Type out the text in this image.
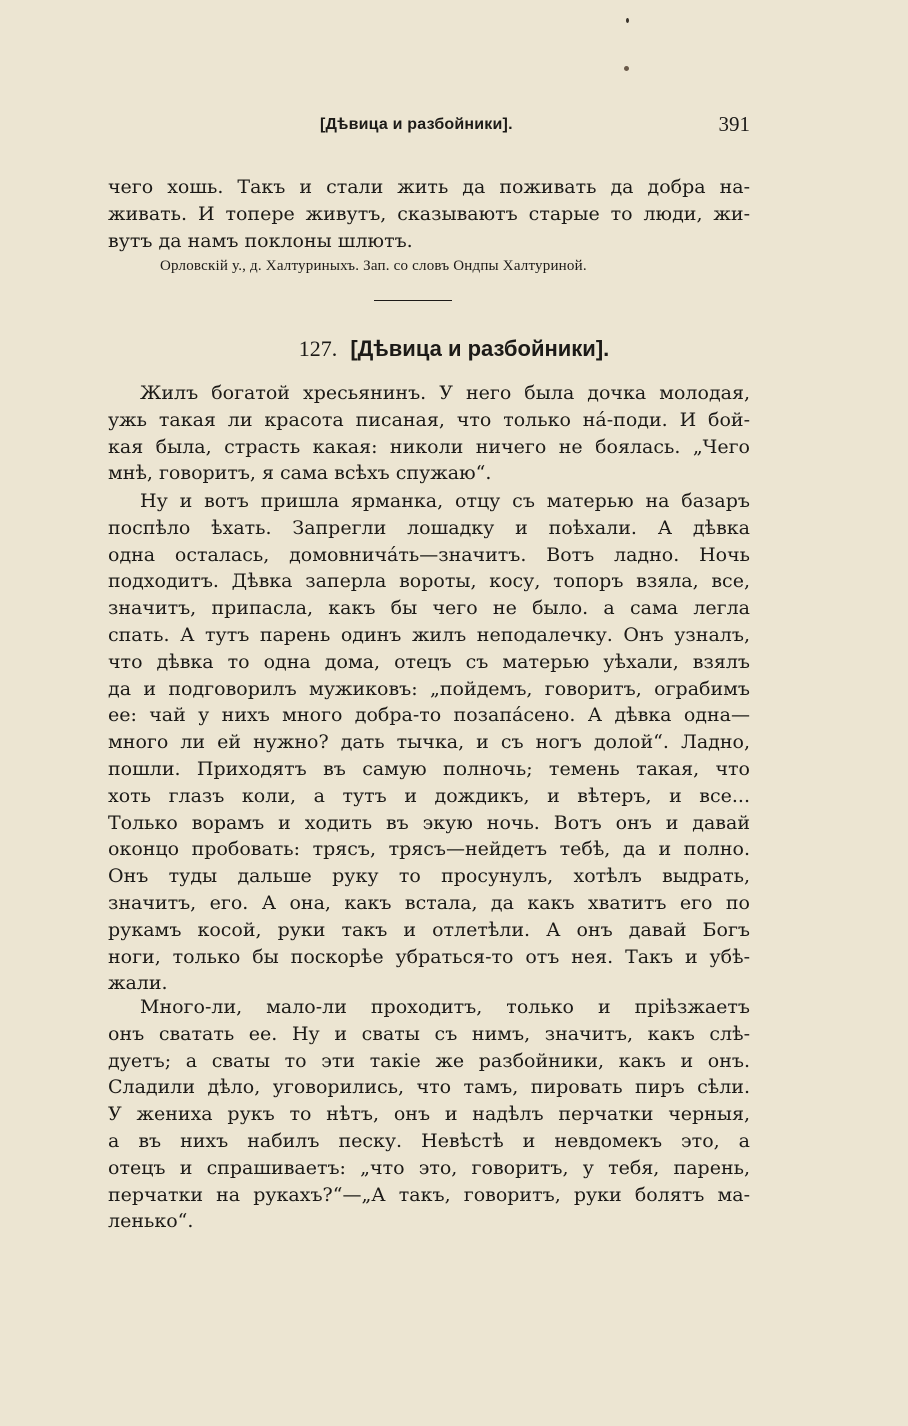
[Дѣвица и разбойники].	391
чего хошь. Такъ и стали жить да поживать да добра на-
живать. И топере живутъ, сказываютъ старые то люди, жи-
вутъ да намъ поклоны шлютъ.
Орловскій у., д. Халтуриныхъ. Зап. со словъ Ондпы Халтуриной.
127. [Дѣвица и разбойники].
Жилъ богатой хресьянинъ. У него была дочка молодая,
ужь такая ли красота писаная, что только на́-поди. И бой-
кая была, страсть какая: николи ничего не боялась. „Чего
мнѣ, говоритъ, я сама всѣхъ спужаю“.
Ну и вотъ пришла ярманка, отцу съ матерью на базаръ
поспѣло ѣхать. Запрегли лошадку и поѣхали. А дѣвка
одна осталась, домовнича́ть—значитъ. Вотъ ладно. Ночь
подходитъ. Дѣвка заперла вороты, косу, топоръ взяла, все,
значитъ, припасла, какъ бы чего не было. а сама легла
спать. А тутъ парень одинъ жилъ неподалечку. Онъ узналъ,
что дѣвка то одна дома, отецъ съ матерью уѣхали, взялъ
да и подговорилъ мужиковъ: „пойдемъ, говоритъ, ограбимъ
ее: чай у нихъ много добра-то позапа́сено. А дѣвка одна—
много ли ей нужно? дать тычка, и съ ногъ долой“. Ладно,
пошли. Приходятъ въ самую полночь; темень такая, что
хоть глазъ коли, а тутъ и дождикъ, и вѣтеръ, и все...
Только ворамъ и ходить въ экую ночь. Вотъ онъ и давай
оконцо пробовать: трясъ, трясъ—нейдетъ тебѣ, да и полно.
Онъ туды дальше руку то просунулъ, хотѣлъ выдрать,
значитъ, его. А она, какъ встала, да какъ хватитъ его по
рукамъ косой, руки такъ и отлетѣли. А онъ давай Богъ
ноги, только бы поскорѣе убраться-то отъ нея. Такъ и убѣ-
жали.
Много-ли, мало-ли проходитъ, только и пріѣзжаетъ
онъ сватать ее. Ну и сваты съ нимъ, значитъ, какъ слѣ-
дуетъ; а сваты то эти такіе же разбойники, какъ и онъ.
Сладили дѣло, уговорились, что тамъ, пировать пиръ сѣли.
У жениха рукъ то нѣтъ, онъ и надѣлъ перчатки черныя,
а въ нихъ набилъ песку. Невѣстѣ и невдомекъ это, а
отецъ и спрашиваетъ: „что это, говоритъ, у тебя, парень,
перчатки на рукахъ?“—„А такъ, говоритъ, руки болятъ ма-
ленько“.
